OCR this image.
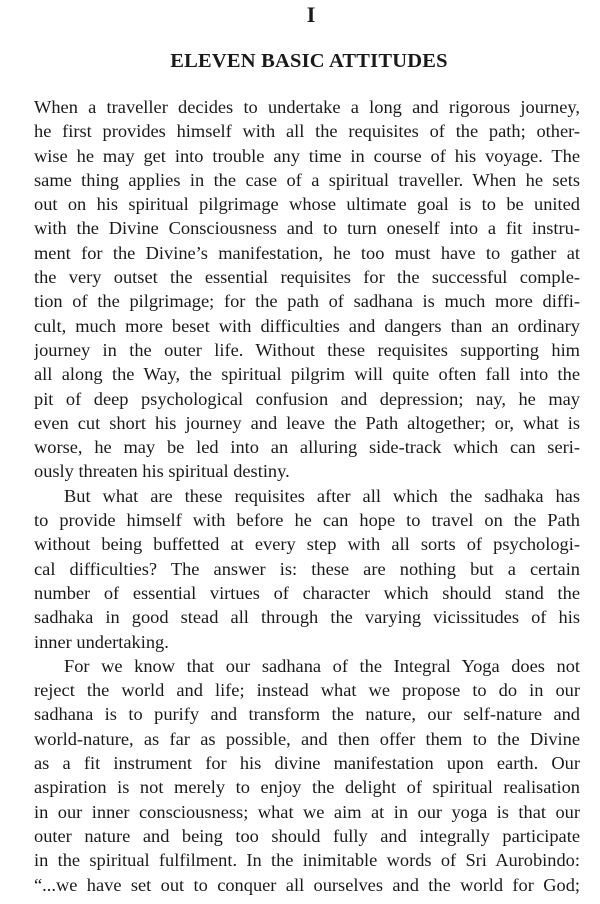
I
ELEVEN BASIC ATTITUDES

When a traveller decides to undertake a long and rigorous journey,
he first provides himself with all the requisites of the path; other-
wise he may get into trouble any time in course of his voyage. The
same thing applies in the case of a spiritual traveller. When he sets
out on his spiritual pilgrimage whose ultimate goal is to be united
with the Divine Consciousness and to turn oneself into a fit instru-
ment for the Divine’s manifestation, he too must have to gather at
the very outset the essential requisites for the successful comple-
tion of the pilgrimage; for the path of sadhana is much more diffi-
cult, much more beset with difficulties and dangers than an ordinary
journey in the outer life. Without these requisites supporting him
all along the Way, the spiritual pilgrim will quite often fall into the
pit of deep psychological confusion and depression; nay, he may
even cut short his journey and leave the Path altogether; or, what is
worse, he may be led into an alluring side-track which can seri-
ously threaten his spiritual destiny.

But what are these requisites after all which the sadhaka has
to provide himself with before he can hope to travel on the Path
without being buffetted at every step with all sorts of psychologi-
cal difficulties? The answer is: these are nothing but a certain
number of essential virtues of character which should stand the
sadhaka in good stead all through the varying vicissitudes of his
inner undertaking.

For we know that our sadhana of the Integral Yoga does not
reject the world and life; instead what we propose to do in our
sadhana is to purify and transform the nature, our self-nature and
world-nature, as far as possible, and then offer them to the Divine
as a fit instrument for his divine manifestation upon earth. Our
aspiration is not merely to enjoy the delight of spiritual realisation
in our inner consciousness; what we aim at in our yoga is that our
outer nature and being too should fully and integrally participate
in the spiritual fulfilment. In the inimitable words of Sri Aurobindo:
“...we have set out to conquer all ourselves and the world for God;
